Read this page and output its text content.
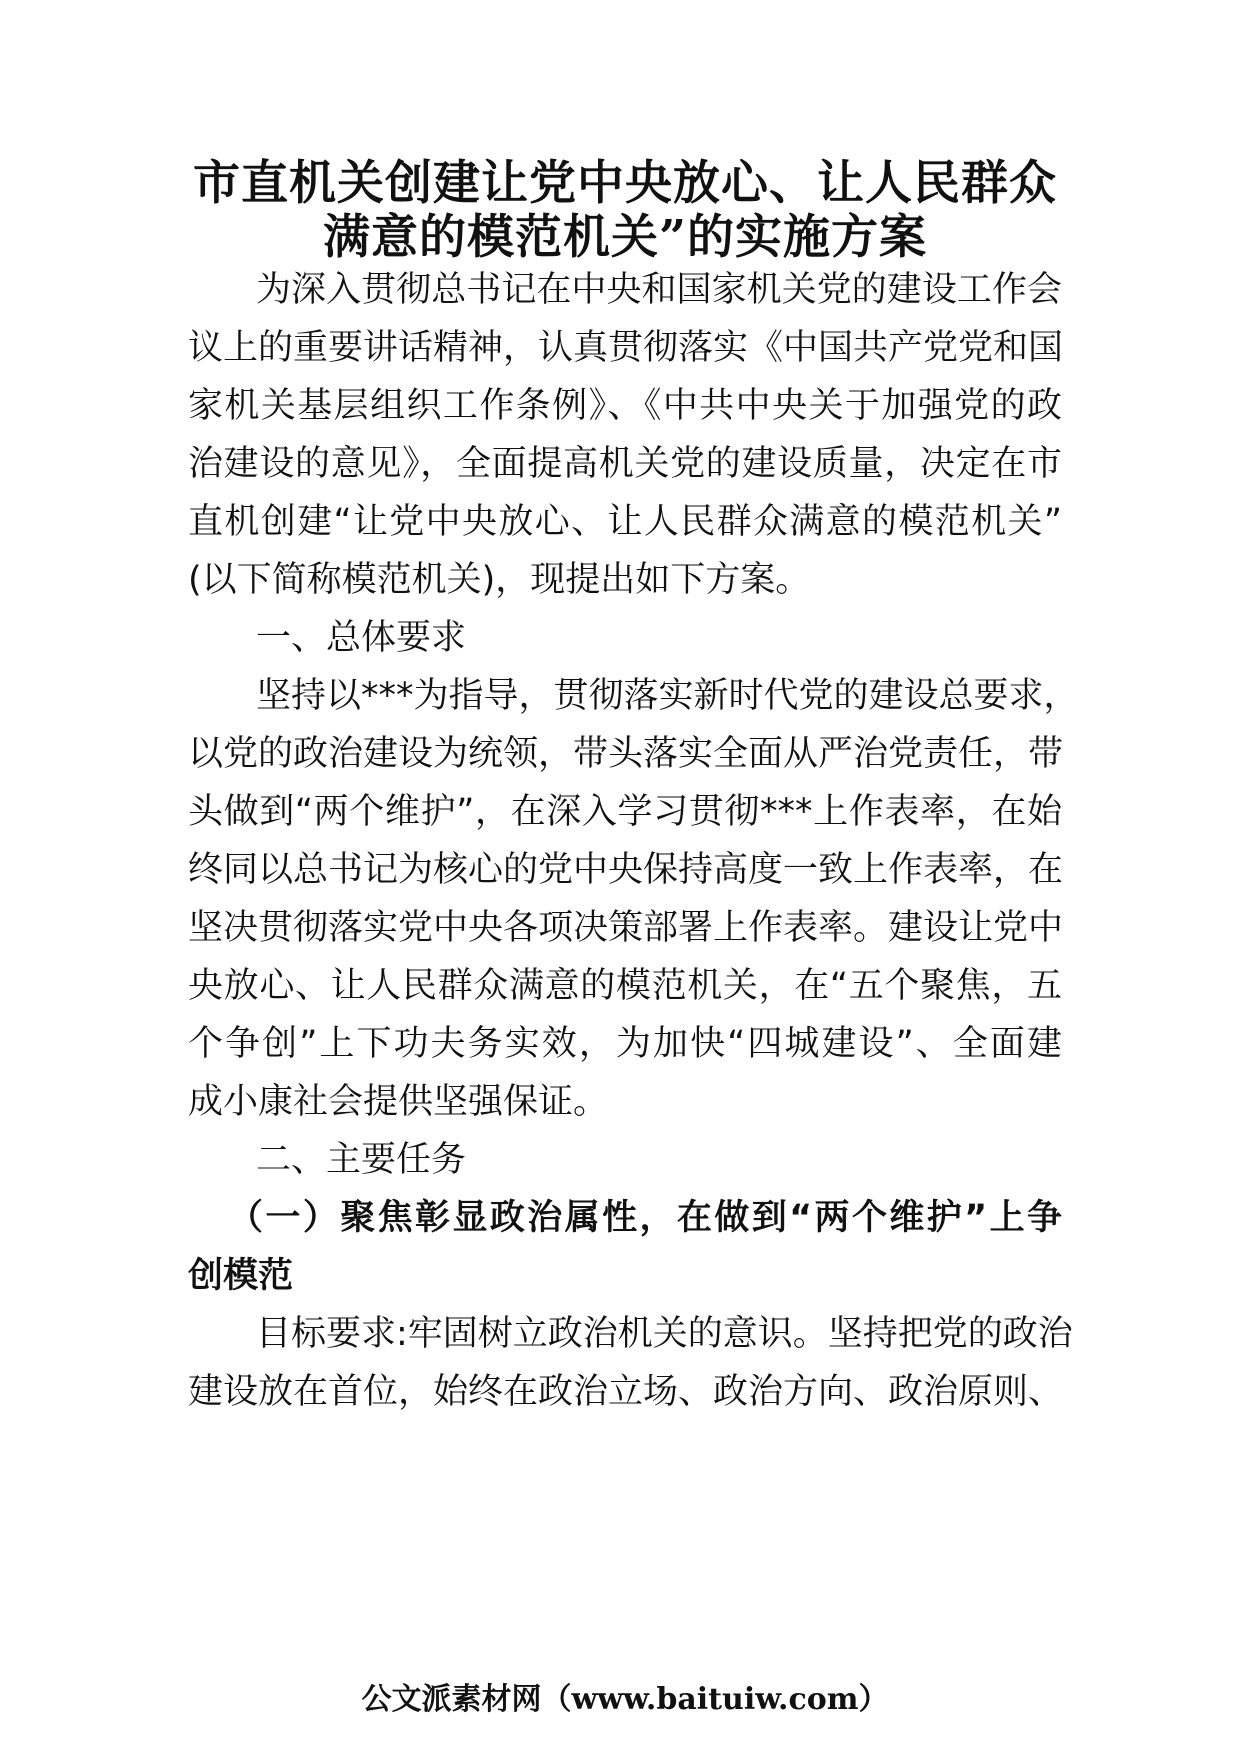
市直机关创建让党中央放心、让人民群众
满意的模范机关”的实施方案
为深入贯彻总书记在中央和国家机关党的建设工作会
议上的重要讲话精神，认真贯彻落实《中国共产党党和国
家机关基层组织工作条例》、《中共中央关于加强党的政
治建设的意见》，全面提高机关党的建设质量，决定在市
直机创建“让党中央放心、让人民群众满意的模范机关”
(以下简称模范机关)，现提出如下方案。
一、总体要求
坚持以***为指导，贯彻落实新时代党的建设总要求，
以党的政治建设为统领，带头落实全面从严治党责任，带
头做到“两个维护”，在深入学习贯彻***上作表率，在始
终同以总书记为核心的党中央保持高度一致上作表率，在
坚决贯彻落实党中央各项决策部署上作表率。建设让党中
央放心、让人民群众满意的模范机关，在“五个聚焦，五
个争创”上下功夫务实效，为加快“四城建设”、全面建
成小康社会提供坚强保证。
二、主要任务
（一）聚焦彰显政治属性，在做到“两个维护”上争
创模范
目标要求:牢固树立政治机关的意识。坚持把党的政治
建设放在首位，始终在政治立场、政治方向、政治原则、
公文派素材网（www.baituiw.com）
